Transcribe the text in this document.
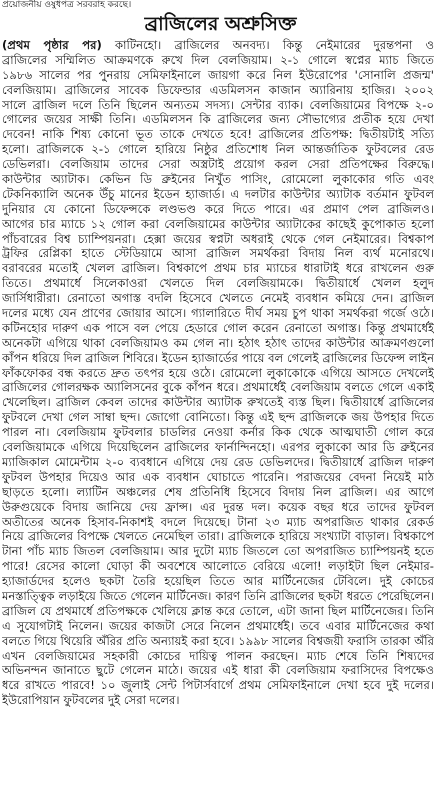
প্রয়োজনীয় ওষুধপত্র সরবরাহ করছে।
ব্রাজিলের অশ্রুসিক্ত
(প্রথম পৃষ্ঠার পর) কাটিনহো। ব্রাজিলের অনবদ্য। কিন্তু নেইমারের দুরন্তপনা ও
ব্রাজিলের সম্মিলিত আক্রমণকে রুখে দিল বেলজিয়াম। ২-১ গোলে স্বপ্নের ম্যাচ জিতে
১৯৮৬ সালের পর পুনরায় সেমিফাইনালে জায়গা করে নিল ইউরোপের 'সোনালি প্রজন্ম'
বেলজিয়াম। ব্রাজিলের সাবেক ডিফেন্ডার এডমিলসন কাজান অ্যারিনায় হাজির। ২০০২
সালে ব্রাজিল দলে তিনি ছিলেন অন্যতম সদস্য। সেন্টার ব্যাক। বেলজিয়ামের বিপক্ষে ২-০
গোলের জয়ের সাক্ষী তিনি। এডমিলসন কি ব্রাজিলের জন্য সৌভাগ্যের প্রতীক হয়ে দেখা
দেবেন! নাকি শিষ্য কোনো ভূত তাকে দেখতে হবে! ব্রাজিলের প্রতিপক্ষ: দ্বিতীয়টাই সত্যি
হলো। ব্রাজিলকে ২-১ গোলে হারিয়ে নিষ্ঠুর প্রতিশোধ নিল আন্তর্জাতিক ফুটবলের রেড
ডেভিলরা। বেলজিয়াম তাদের সেরা অস্ত্রটাই প্রয়োগ করল সেরা প্রতিপক্ষের বিরুদ্ধে।
কাউন্টার অ্যাটাক। কেভিন ডি ব্রুইনের নিখুঁত পাসিং, রোমেলো লুকাকোর গতি এবং
টেকনিক্যালি অনেক উঁচু মানের ইডেন হ্যাজার্ড। এ দলটার কাউন্টার অ্যাটাক বর্তমান ফুটবল
দুনিয়ার যে কোনো ডিফেন্সকে লণ্ডভণ্ড করে দিতে পারে। এর প্রমাণ পেল ব্রাজিলও।
আগের চার ম্যাচে ১২ গোল করা বেলজিয়ামের কাউন্টার অ্যাটাকের কাছেই কুপোকাত হলো
পাঁচবারের বিশ্ব চ্যাম্পিয়নরা। হেক্সা জয়ের স্বপ্নটা অধরাই থেকে গেল নেইমারের। বিশ্বকাপ
ট্রফির রেপ্লিকা হাতে স্টেডিয়ামে আসা ব্রাজিল সমর্থকরা বিদায় নিল ব্যর্থ মনোরথে।
বরাবরের মতোই খেলল ব্রাজিল। বিশ্বকাপে প্রথম চার ম্যাচের ধারাটাই ধরে রাখলেন গুরু
তিতে। প্রথমার্ধে সিলেকাওরা খেলতে দিল বেলজিয়ামকে। দ্বিতীয়ার্ধে খেলল হলুদ
জার্সিধারীরা। রেনাতো অগাস্ত বদলি হিসেবে খেলতে নেমেই ব্যবধান কমিয়ে দেন। ব্রাজিল
দলের মধ্যে যেন প্রাণের জোয়ার আসে। গ্যালারিতে দীর্ঘ সময় চুপ থাকা সমর্থকরা গর্জে ওঠে।
কটিনহোর দারুণ এক পাসে বল পেয়ে হেডারে গোল করেন রেনাতো অগাস্ত। কিন্তু প্রথমার্ধেই
অনেকটা এগিয়ে থাকা বেলজিয়ামও কম গেল না। হঠাৎ হঠাৎ তাদের কাউন্টার আক্রমণগুলো
কাঁপন ধরিয়ে দিল ব্রাজিল শিবিরে। ইডেন হ্যাজার্ডের পায়ে বল গেলেই ব্রাজিলের ডিফেন্স লাইন
ফাঁকফোকর বন্ধ করতে দ্রুত তৎপর হয়ে ওঠে। রোমেলো লুকাকোকে এগিয়ে আসতে দেখলেই
ব্রাজিলের গোলরক্ষক অ্যালিসনের বুকে কাঁপন ধরে। প্রথমার্ধেই বেলজিয়াম বলতে গেলে একাই
খেলেছিল। ব্রাজিল কেবল তাদের কাউন্টার অ্যাটাক রুখতেই ব্যস্ত ছিল। দ্বিতীয়ার্ধে ব্রাজিলের
ফুটবলে দেখা গেল সাম্বা ছন্দ। জোগো বোনিতো। কিন্তু এই ছন্দ ব্রাজিলকে জয় উপহার দিতে
পারল না। বেলজিয়াম ফুটবলার চাডলির নেওয়া কর্নার কিক থেকে আত্মঘাতী গোল করে
বেলজিয়ামকে এগিয়ে দিয়েছিলেন ব্রাজিলের ফার্নান্দিনহো। এরপর লুকাকো আর ডি ব্রুইনের
ম্যাজিকাল মোমেন্টাম ২-০ ব্যবধানে এগিয়ে দেয় রেড ডেভিলদের। দ্বিতীয়ার্ধে ব্রাজিল দারুণ
ফুটবল উপহার দিয়েও আর এক ব্যবধান ঘোচাতে পারেনি। পরাজয়ের বেদনা নিয়েই মাঠ
ছাড়তে হলো। ল্যাটিন অঞ্চলের শেষ প্রতিনিধি হিসেবে বিদায় নিল ব্রাজিল। এর আগে
উরুগুয়েকে বিদায় জানিয়ে দেয় ফ্রান্স। এর দুরন্ত দল। কয়েক বছর ধরে তাদের ফুটবল
অতীতের অনেক হিসাব-নিকাশই বদলে দিয়েছে। টানা ২৩ ম্যাচ অপরাজিত থাকার রেকর্ড
নিয়ে ব্রাজিলের বিপক্ষে খেলতে নেমেছিল তারা। ব্রাজিলকে হারিয়ে সংখ্যাটা বাড়াল। বিশ্বকাপে
টানা পাঁচ ম্যাচ জিতল বেলজিয়াম। আর দুটো ম্যাচ জিতলে তো অপরাজিত চ্যাম্পিয়নই হতে
পারে! রেসের কালো ঘোড়া কী অবশেষে আলোতে বেরিয়ে এলো! লড়াইটা ছিল নেইমার-
হ্যাজার্ডদের হলেও ছকটা তৈরি হয়েছিল তিতে আর মার্টিনেজের টেবিলে। দুই কোচের
মনস্তাত্ত্বিক লড়াইয়ে জিতে গেলেন মার্টিনেজ। কারণ তিনি ব্রাজিলের ছকটা ধরতে পেরেছিলেন।
ব্রাজিল যে প্রথমার্ধে প্রতিপক্ষকে খেলিয়ে ক্লান্ত করে তোলে, এটা জানা ছিল মার্টিনেজের। তিনি
এ সুযোগটাই নিলেন। জয়ের কাজটা সেরে নিলেন প্রথমার্ধেই। তবে এবার মার্টিনেজের কথা
বলতে গিয়ে থিয়েরি অঁরির প্রতি অন্যায়ই করা হবে। ১৯৯৮ সালের বিশ্বজয়ী ফরাসি তারকা অঁরি
এখন বেলজিয়ামের সহকারী কোচের দায়িত্ব পালন করছেন। ম্যাচ শেষে তিনি শিষ্যদের
অভিনন্দন জানাতে ছুটে গেলেন মাঠে। জয়ের এই ধারা কী বেলজিয়াম ফরাসিদের বিপক্ষেও
ধরে রাখতে পারবে! ১০ জুলাই সেন্ট পিটার্সবার্গে প্রথম সেমিফাইনালে দেখা হবে দুই দলের।
ইউরোপিয়ান ফুটবলের দুই সেরা দলের।
